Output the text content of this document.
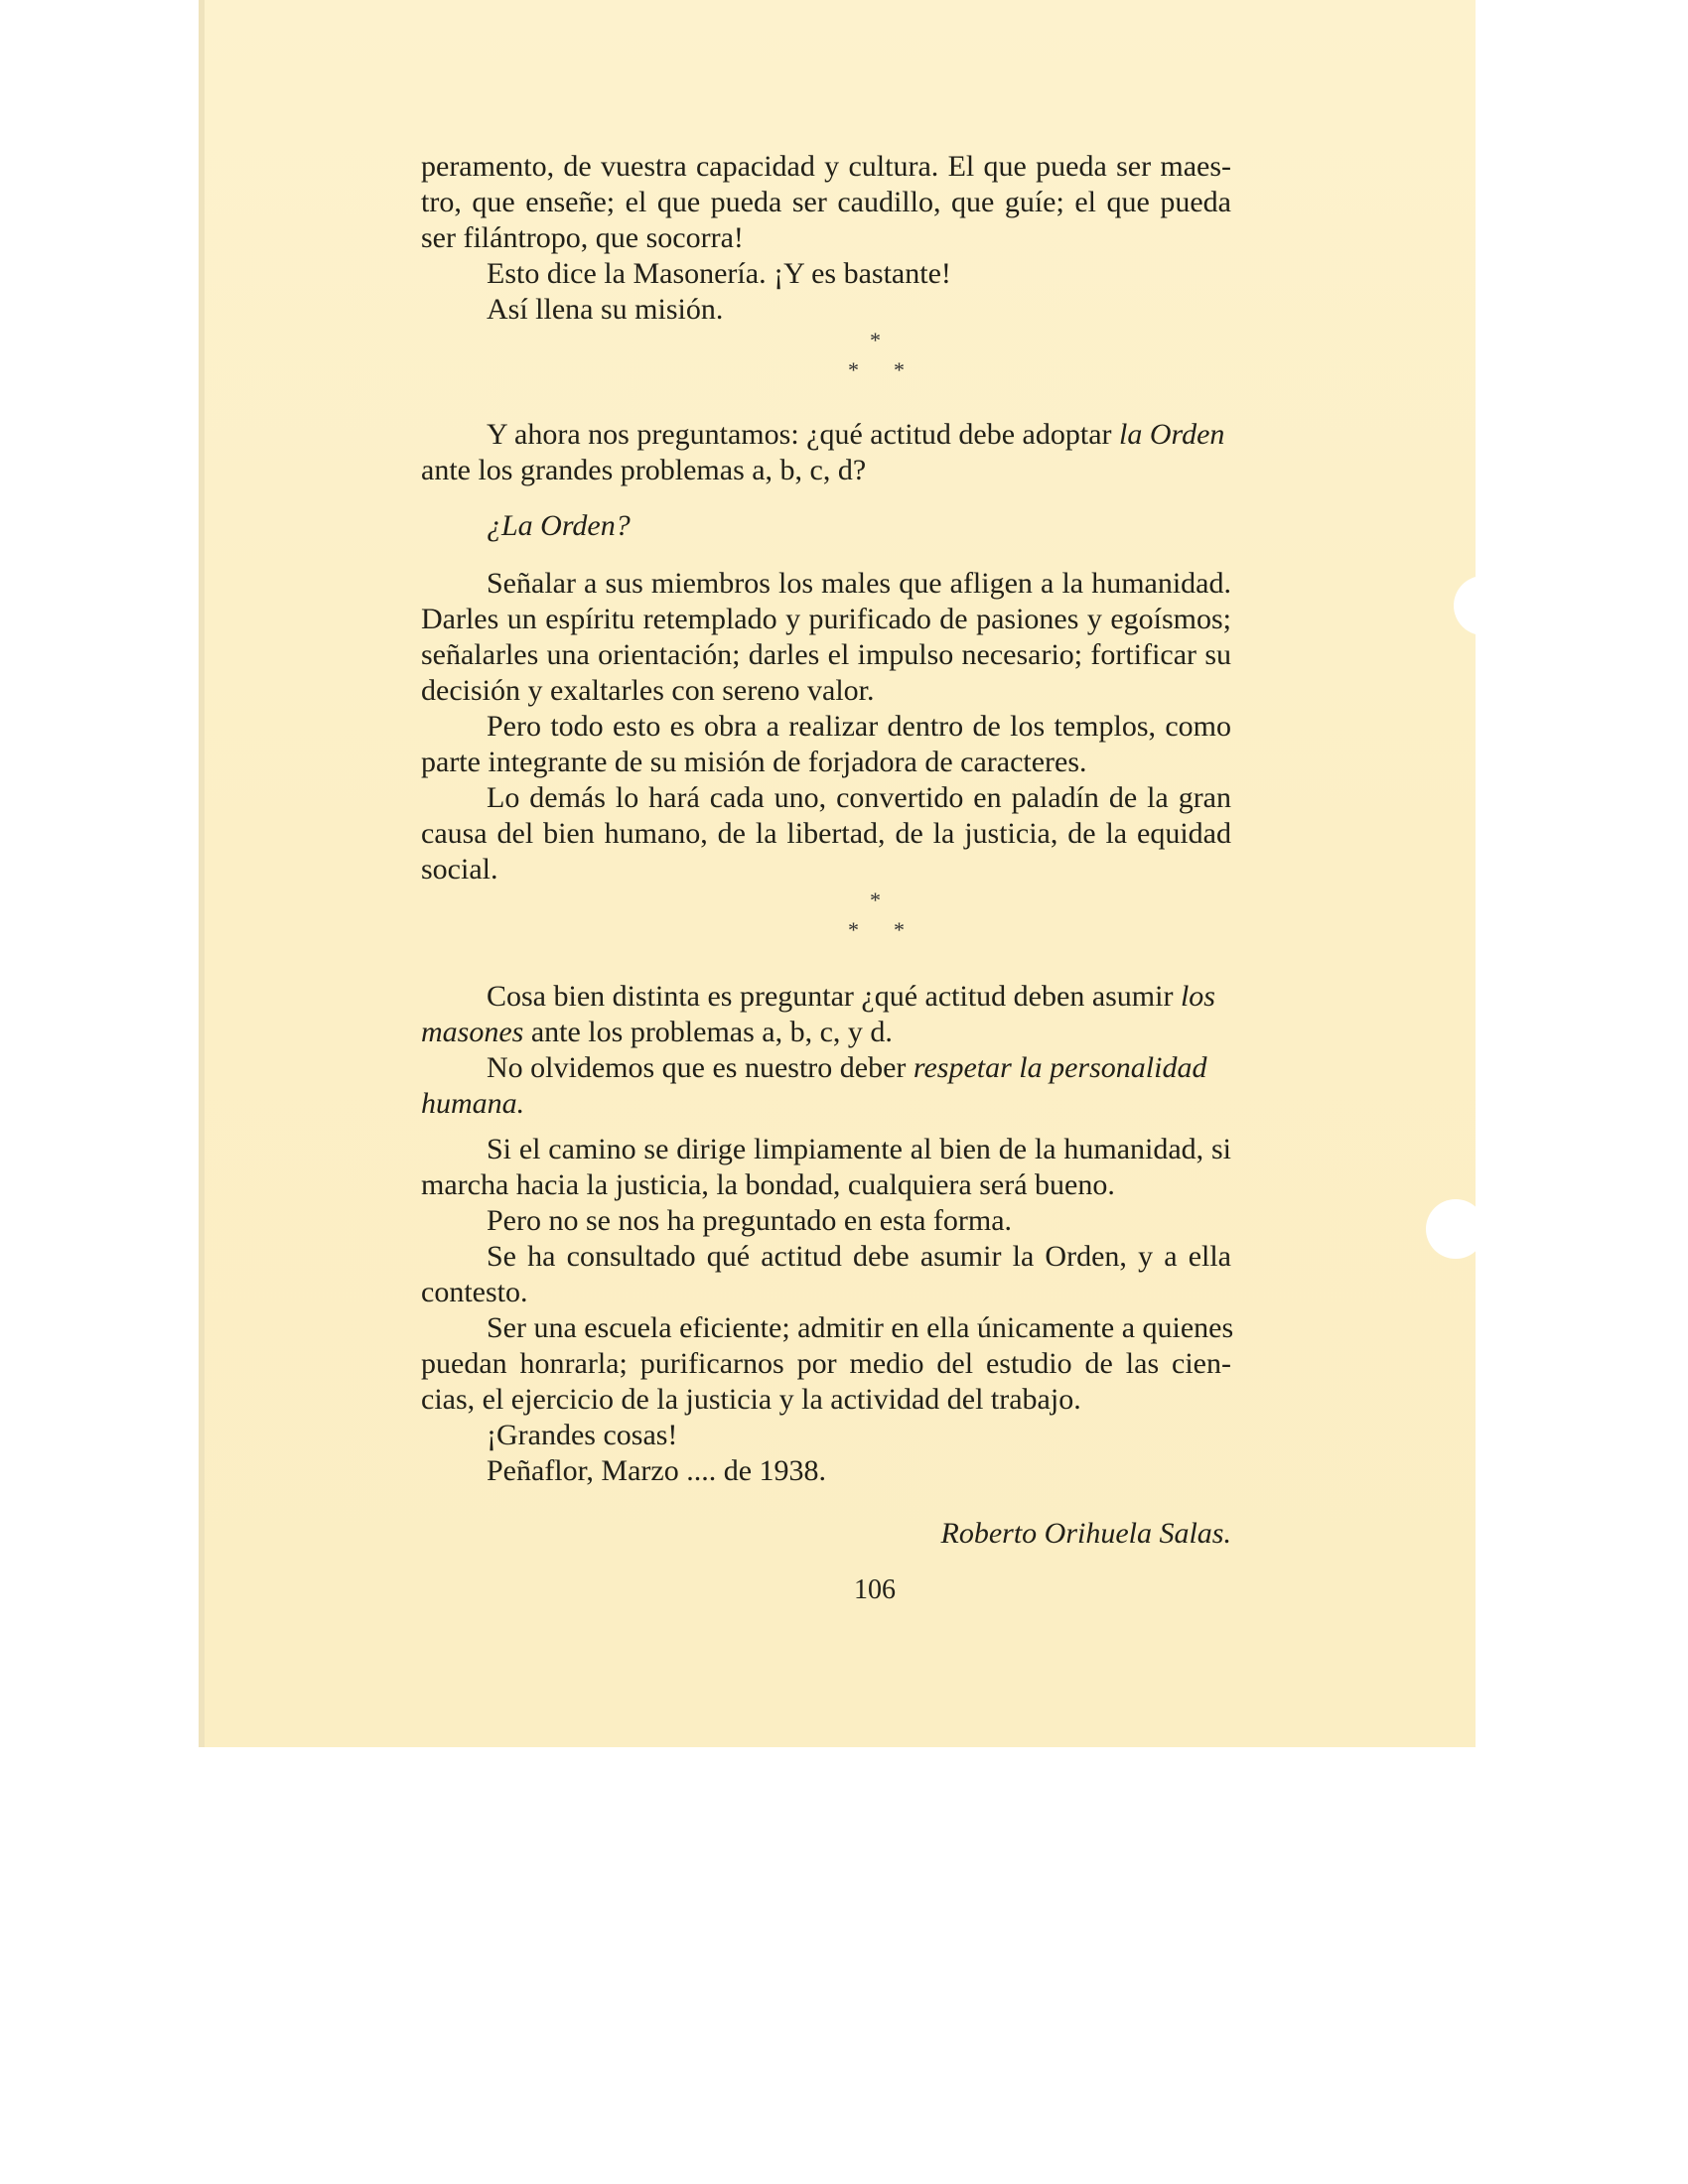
peramento, de vuestra capacidad y cultura. El que pueda ser maes-
tro, que enseñe; el que pueda ser caudillo, que guíe; el que pueda
ser filántropo, que socorra!
Esto dice la Masonería. ¡Y es bastante!
Así llena su misión.
*
* *
Y ahora nos preguntamos: ¿qué actitud debe adoptar la Orden
ante los grandes problemas a, b, c, d?
¿La Orden?
Señalar a sus miembros los males que afligen a la humanidad.
Darles un espíritu retemplado y purificado de pasiones y egoísmos;
señalarles una orientación; darles el impulso necesario; fortificar su
decisión y exaltarles con sereno valor.
Pero todo esto es obra a realizar dentro de los templos, como
parte integrante de su misión de forjadora de caracteres.
Lo demás lo hará cada uno, convertido en paladín de la gran
causa del bien humano, de la libertad, de la justicia, de la equidad
social.
*
* *
Cosa bien distinta es preguntar ¿qué actitud deben asumir los
masones ante los problemas a, b, c, y d.
No olvidemos que es nuestro deber respetar la personalidad
humana.
Si el camino se dirige limpiamente al bien de la humanidad, si
marcha hacia la justicia, la bondad, cualquiera será bueno.
Pero no se nos ha preguntado en esta forma.
Se ha consultado qué actitud debe asumir la Orden, y a ella
contesto.
Ser una escuela eficiente; admitir en ella únicamente a quienes
puedan honrarla; purificarnos por medio del estudio de las cien-
cias, el ejercicio de la justicia y la actividad del trabajo.
¡Grandes cosas!
Peñaflor, Marzo .... de 1938.
Roberto Orihuela Salas.
106
